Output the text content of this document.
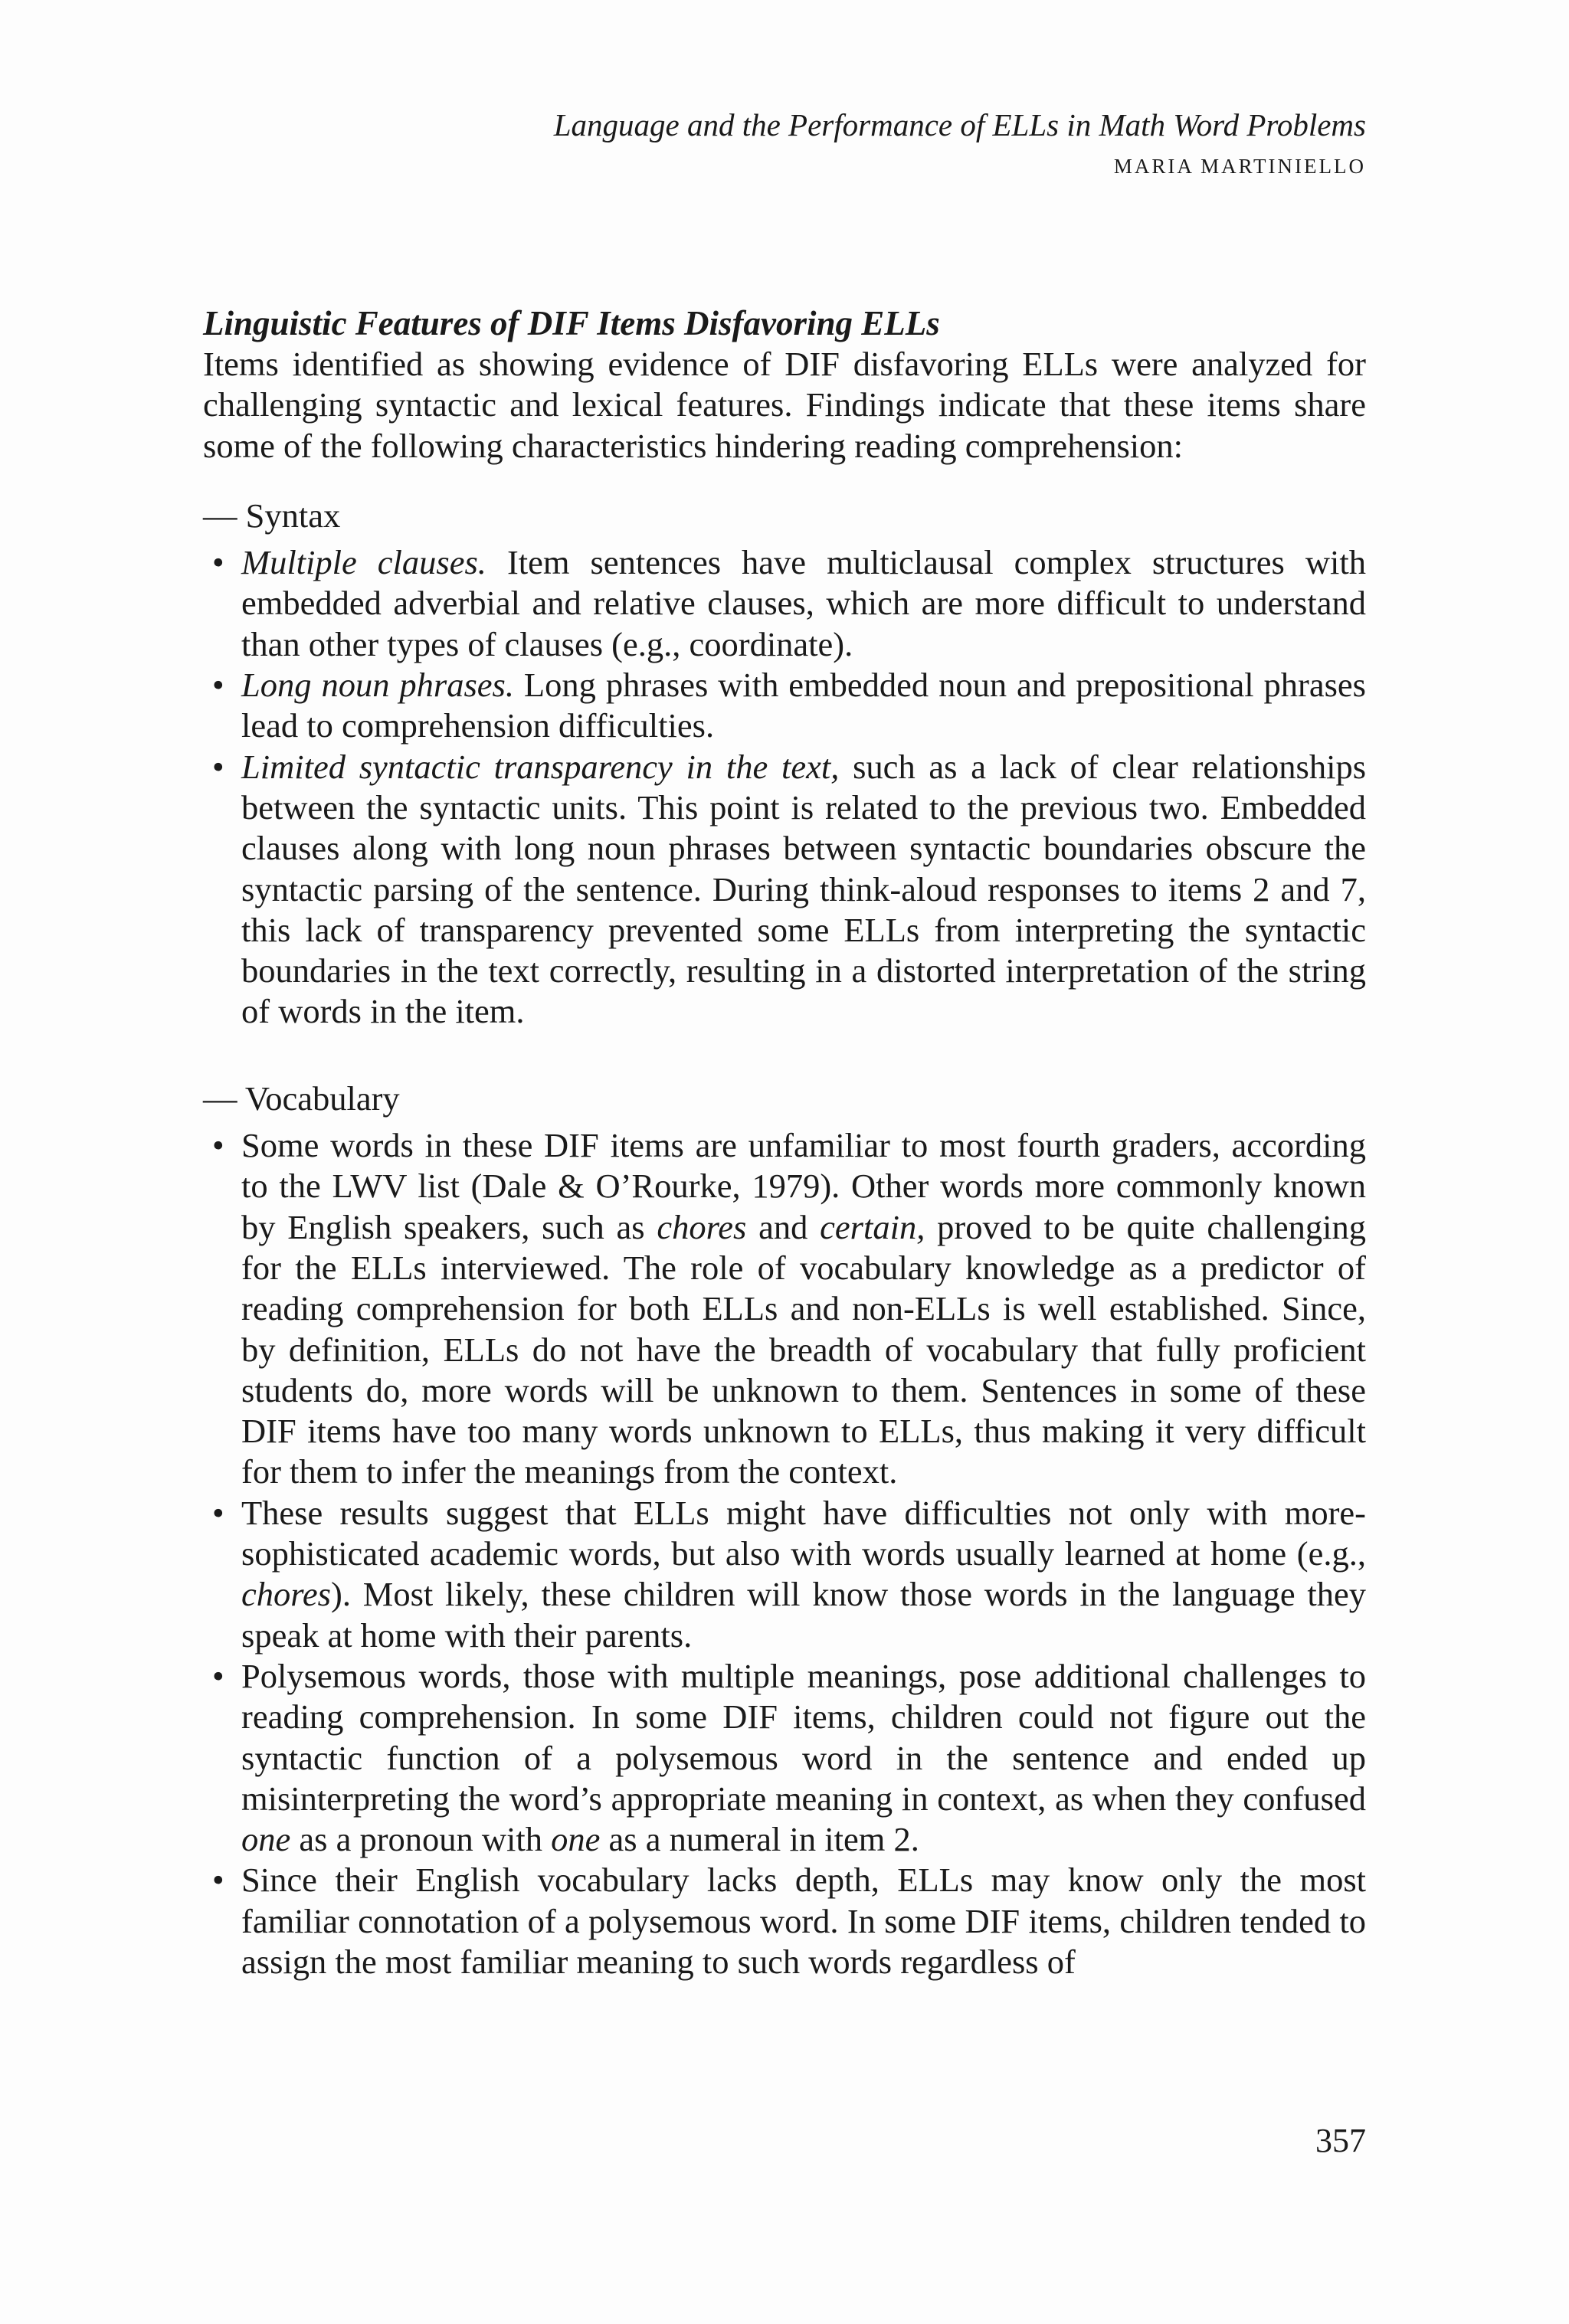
Language and the Performance of ELLs in Math Word Problems
MARIA MARTINIELLO
Linguistic Features of DIF Items Disfavoring ELLs

Items identified as showing evidence of DIF disfavoring ELLs were analyzed for challenging syntactic and lexical features. Findings indicate that these items share some of the following characteristics hindering reading comprehension:

— Syntax
• Multiple clauses. Item sentences have multiclausal complex structures with embedded adverbial and relative clauses, which are more difficult to understand than other types of clauses (e.g., coordinate).
• Long noun phrases. Long phrases with embedded noun and prepositional phrases lead to comprehension difficulties.
• Limited syntactic transparency in the text, such as a lack of clear relationships between the syntactic units. This point is related to the previous two. Embedded clauses along with long noun phrases between syntactic boundaries obscure the syntactic parsing of the sentence. During think-aloud responses to items 2 and 7, this lack of transparency prevented some ELLs from interpreting the syntactic boundaries in the text correctly, resulting in a distorted interpretation of the string of words in the item.
— Vocabulary
• Some words in these DIF items are unfamiliar to most fourth graders, according to the LWV list (Dale & O’Rourke, 1979). Other words more commonly known by English speakers, such as chores and certain, proved to be quite challenging for the ELLs interviewed. The role of vocabulary knowledge as a predictor of reading comprehension for both ELLs and non-ELLs is well established. Since, by definition, ELLs do not have the breadth of vocabulary that fully proficient students do, more words will be unknown to them. Sentences in some of these DIF items have too many words unknown to ELLs, thus making it very difficult for them to infer the meanings from the context.
• These results suggest that ELLs might have difficulties not only with more-sophisticated academic words, but also with words usually learned at home (e.g., chores). Most likely, these children will know those words in the language they speak at home with their parents.
• Polysemous words, those with multiple meanings, pose additional challenges to reading comprehension. In some DIF items, children could not figure out the syntactic function of a polysemous word in the sentence and ended up misinterpreting the word’s appropriate meaning in context, as when they confused one as a pronoun with one as a numeral in item 2.
• Since their English vocabulary lacks depth, ELLs may know only the most familiar connotation of a polysemous word. In some DIF items, children tended to assign the most familiar meaning to such words regardless of
357
